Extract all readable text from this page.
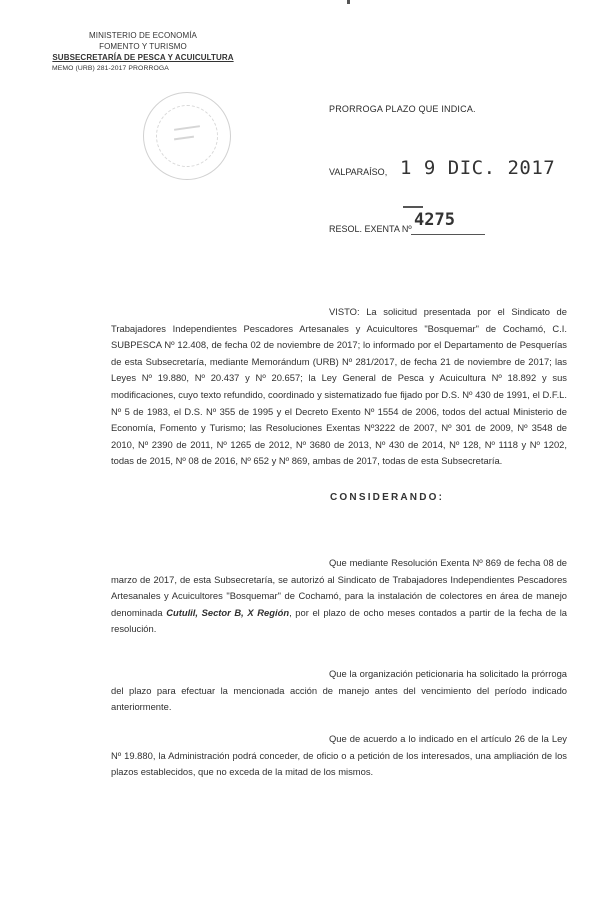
MINISTERIO DE ECONOMÍA
FOMENTO Y TURISMO
SUBSECRETARÍA DE PESCA Y ACUICULTURA
MEMO (URB) 281-2017 PRORROGA
PRORROGA PLAZO QUE INDICA.
VALPARAÍSO, 1 9 DIC. 2017
RESOL. EXENTA Nº 4275
VISTO: La solicitud presentada por el Sindicato de Trabajadores Independientes Pescadores Artesanales y Acuicultores "Bosquemar" de Cochamó, C.I. SUBPESCA Nº 12.408, de fecha 02 de noviembre de 2017; lo informado por el Departamento de Pesquerías de esta Subsecretaría, mediante Memorándum (URB) Nº 281/2017, de fecha 21 de noviembre de 2017; las Leyes Nº 19.880, Nº 20.437 y Nº 20.657; la Ley General de Pesca y Acuicultura Nº 18.892 y sus modificaciones, cuyo texto refundido, coordinado y sistematizado fue fijado por D.S. Nº 430 de 1991, el D.F.L. Nº 5 de 1983, el D.S. Nº 355 de 1995 y el Decreto Exento Nº 1554 de 2006, todos del actual Ministerio de Economía, Fomento y Turismo; las Resoluciones Exentas Nº3222 de 2007, Nº 301 de 2009, Nº 3548 de 2010, Nº 2390 de 2011, Nº 1265 de 2012, Nº 3680 de 2013, Nº 430 de 2014, Nº 128, Nº 1118 y Nº 1202, todas de 2015, Nº 08 de 2016, Nº 652 y Nº 869, ambas de 2017, todas de esta Subsecretaría.
CONSIDERANDO:
Que mediante Resolución Exenta Nº 869 de fecha 08 de marzo de 2017, de esta Subsecretaría, se autorizó al Sindicato de Trabajadores Independientes Pescadores Artesanales y Acuicultores "Bosquemar" de Cochamó, para la instalación de colectores en área de manejo denominada Cutulil, Sector B, X Región, por el plazo de ocho meses contados a partir de la fecha de la resolución.
Que la organización peticionaria ha solicitado la prórroga del plazo para efectuar la mencionada acción de manejo antes del vencimiento del período indicado anteriormente.
Que de acuerdo a lo indicado en el artículo 26 de la Ley Nº 19.880, la Administración podrá conceder, de oficio o a petición de los interesados, una ampliación de los plazos establecidos, que no exceda de la mitad de los mismos.
